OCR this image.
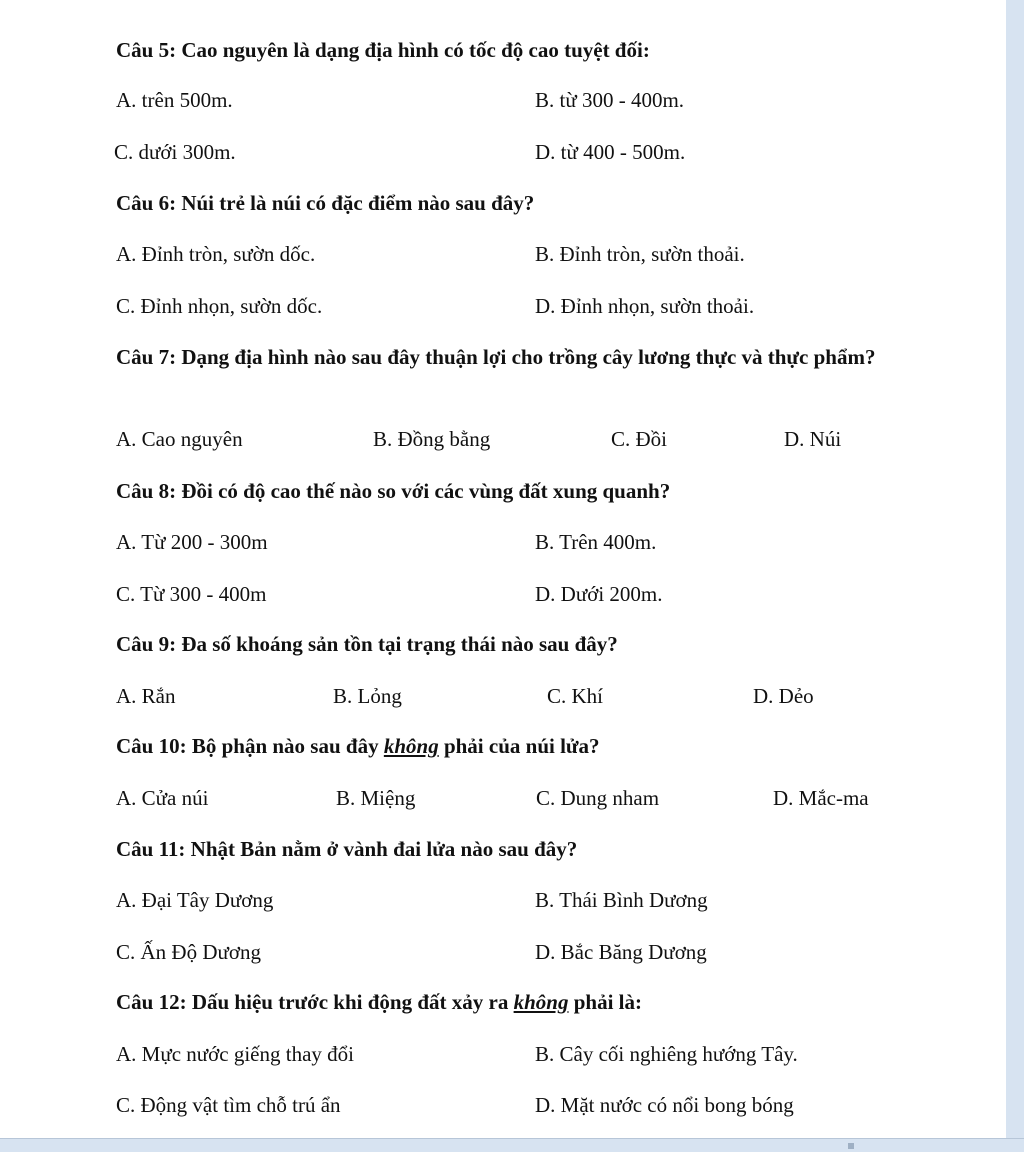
Câu 5: Cao nguyên là dạng địa hình có tốc độ cao tuyệt đối:

A. trên 500m.	B. từ 300 - 400m.
C. dưới 300m.	D. từ 400 - 500m.

Câu 6: Núi trẻ là núi có đặc điểm nào sau đây?

A. Đỉnh tròn, sườn dốc.	B. Đỉnh tròn, sườn thoải.
C. Đỉnh nhọn, sườn dốc.	D. Đỉnh nhọn, sườn thoải.

Câu 7: Dạng địa hình nào sau đây thuận lợi cho trồng cây lương thực và thực phẩm?

A. Cao nguyên	B. Đồng bằng	C. Đồi	D. Núi

Câu 8: Đồi có độ cao thế nào so với các vùng đất xung quanh?

A. Từ 200 - 300m	B. Trên 400m.
C. Từ 300 - 400m	D. Dưới 200m.

Câu 9: Đa số khoáng sản tồn tại trạng thái nào sau đây?

A. Rắn	B. Lỏng	C. Khí	D. Dẻo

Câu 10: Bộ phận nào sau đây không phải của núi lửa?

A. Cửa núi	B. Miệng	C. Dung nham	D. Mắc-ma

Câu 11: Nhật Bản nằm ở vành đai lửa nào sau đây?

A. Đại Tây Dương	B. Thái Bình Dương
C. Ấn Độ Dương	D. Bắc Băng Dương

Câu 12: Dấu hiệu trước khi động đất xảy ra không phải là:

A. Mực nước giếng thay đổi	B. Cây cối nghiêng hướng Tây.
C. Động vật tìm chỗ trú ẩn	D. Mặt nước có nổi bong bóng
